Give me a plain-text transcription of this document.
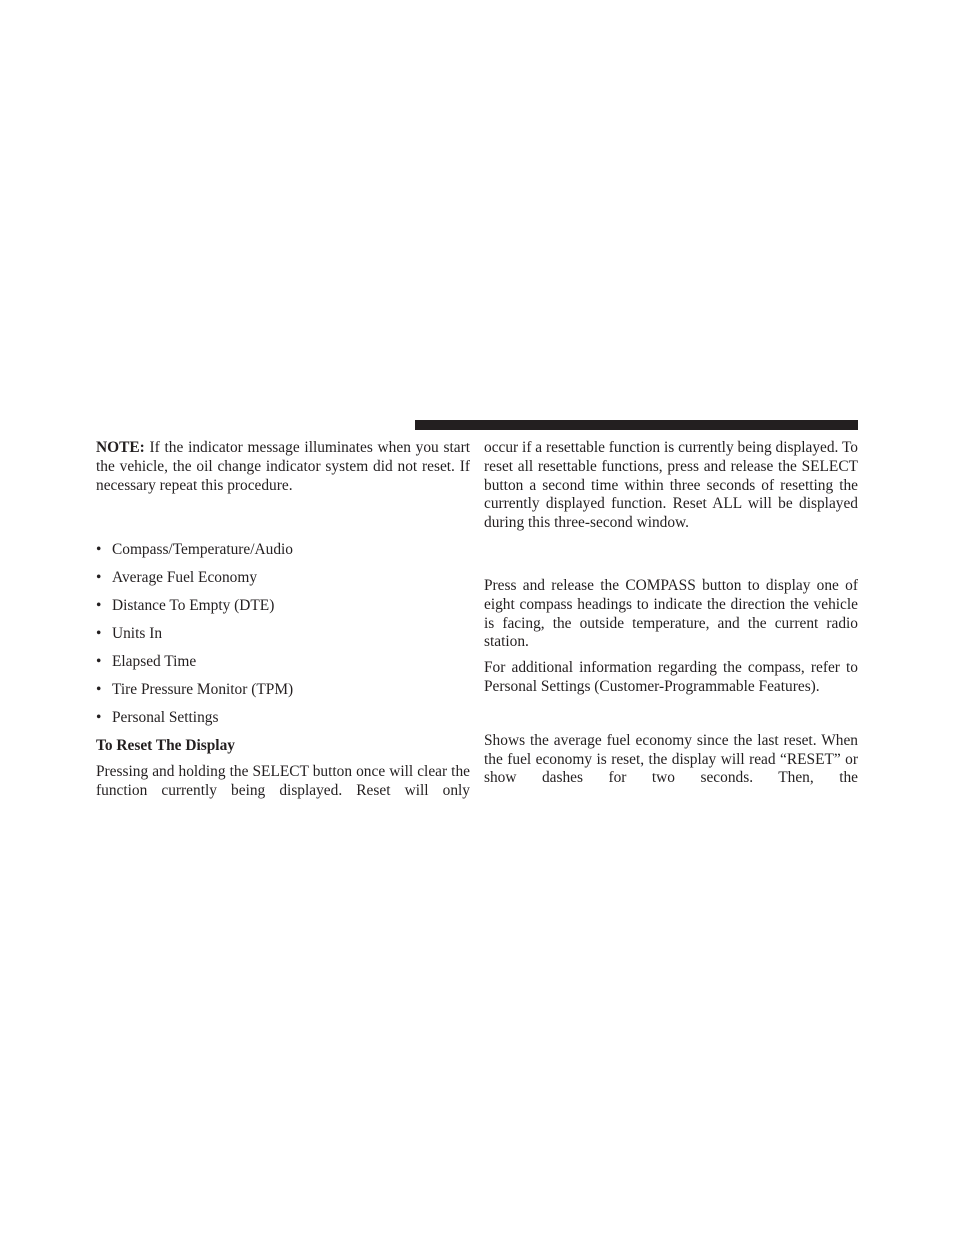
NOTE: If the indicator message illuminates when you start the vehicle, the oil change indicator system did not reset. If necessary repeat this procedure.

• Compass/Temperature/Audio
• Average Fuel Economy
• Distance To Empty (DTE)
• Units In
• Elapsed Time
• Tire Pressure Monitor (TPM)
• Personal Settings

To Reset The Display

Pressing and holding the SELECT button once will clear the function currently being displayed. Reset will only

occur if a resettable function is currently being displayed. To reset all resettable functions, press and release the SELECT button a second time within three seconds of resetting the currently displayed function. Reset ALL will be displayed during this three-second window.

Press and release the COMPASS button to display one of eight compass headings to indicate the direction the vehicle is facing, the outside temperature, and the current radio station.

For additional information regarding the compass, refer to Personal Settings (Customer-Programmable Features).

Shows the average fuel economy since the last reset. When the fuel economy is reset, the display will read “RESET” or show dashes for two seconds. Then, the
